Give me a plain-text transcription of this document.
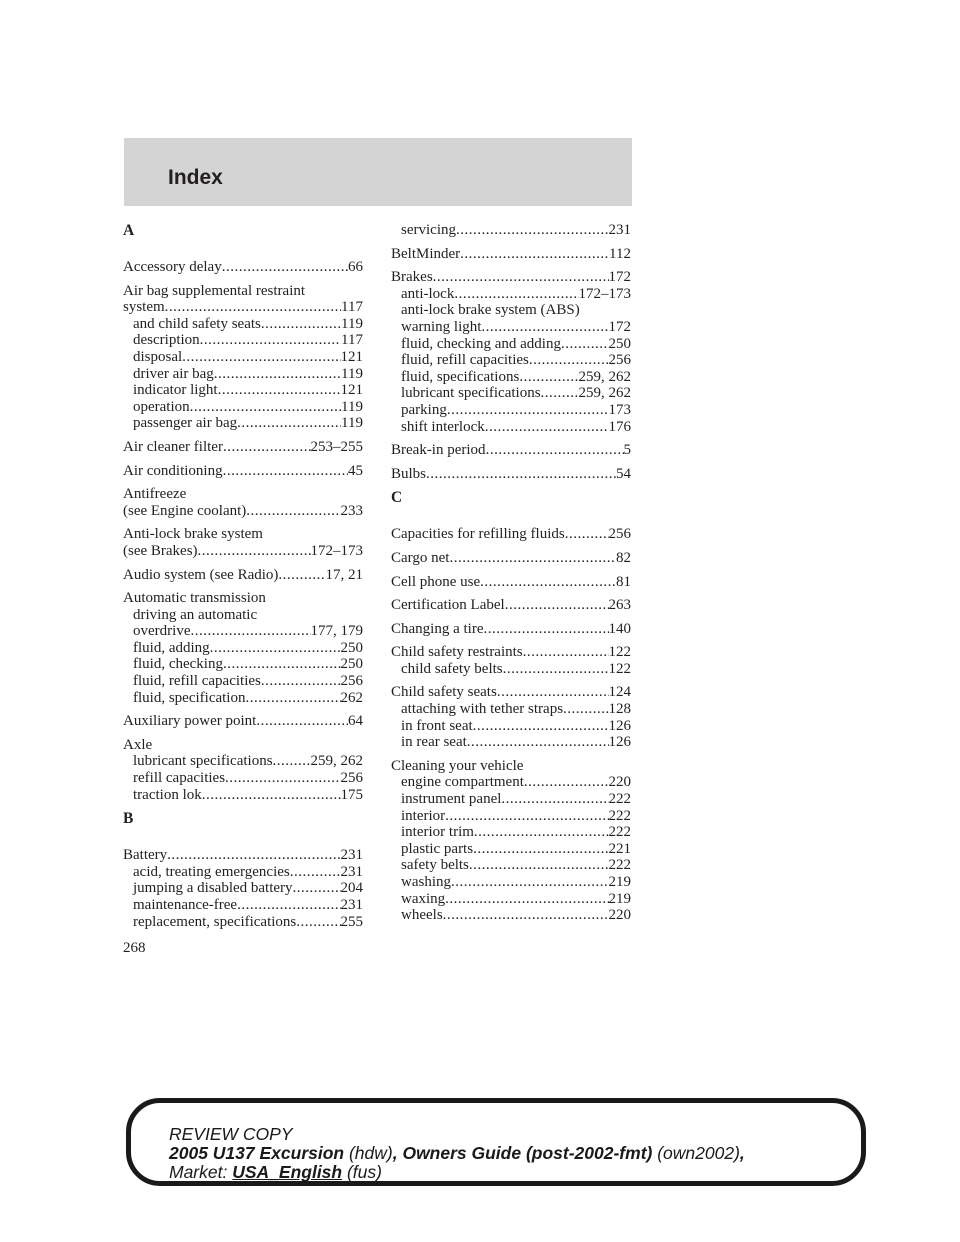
Index
A
Accessory delay .....	66
Air bag supplemental restraint
system .....	117
and child safety seats .....	119
description .....	117
disposal .....	121
driver air bag .....	119
indicator light .....	121
operation .....	119
passenger air bag .....	119
Air cleaner filter .....	253–255
Air conditioning .....	45
Antifreeze
(see Engine coolant) .....	233
Anti-lock brake system
(see Brakes) .....	172–173
Audio system (see Radio) .....	17, 21
Automatic transmission
driving an automatic
overdrive .....	177, 179
fluid, adding .....	250
fluid, checking .....	250
fluid, refill capacities .....	256
fluid, specification .....	262
Auxiliary power point .....	64
Axle
lubricant specifications .....	259, 262
refill capacities .....	256
traction lok .....	175
B
Battery .....	231
acid, treating emergencies .....	231
jumping a disabled battery .....	204
maintenance-free .....	231
replacement, specifications .....	255
servicing .....	231
BeltMinder .....	112
Brakes .....	172
anti-lock .....	172–173
anti-lock brake system (ABS)
warning light .....	172
fluid, checking and adding .....	250
fluid, refill capacities .....	256
fluid, specifications .....	259, 262
lubricant specifications .....	259, 262
parking .....	173
shift interlock .....	176
Break-in period .....	5
Bulbs .....	54
C
Capacities for refilling fluids .....	256
Cargo net .....	82
Cell phone use .....	81
Certification Label .....	263
Changing a tire .....	140
Child safety restraints .....	122
child safety belts .....	122
Child safety seats .....	124
attaching with tether straps .....	128
in front seat .....	126
in rear seat .....	126
Cleaning your vehicle
engine compartment .....	220
instrument panel .....	222
interior .....	222
interior trim .....	222
plastic parts .....	221
safety belts .....	222
washing .....	219
waxing .....	219
wheels .....	220
268
REVIEW COPY
2005 U137 Excursion (hdw), Owners Guide (post-2002-fmt) (own2002),
Market: USA_English (fus)
